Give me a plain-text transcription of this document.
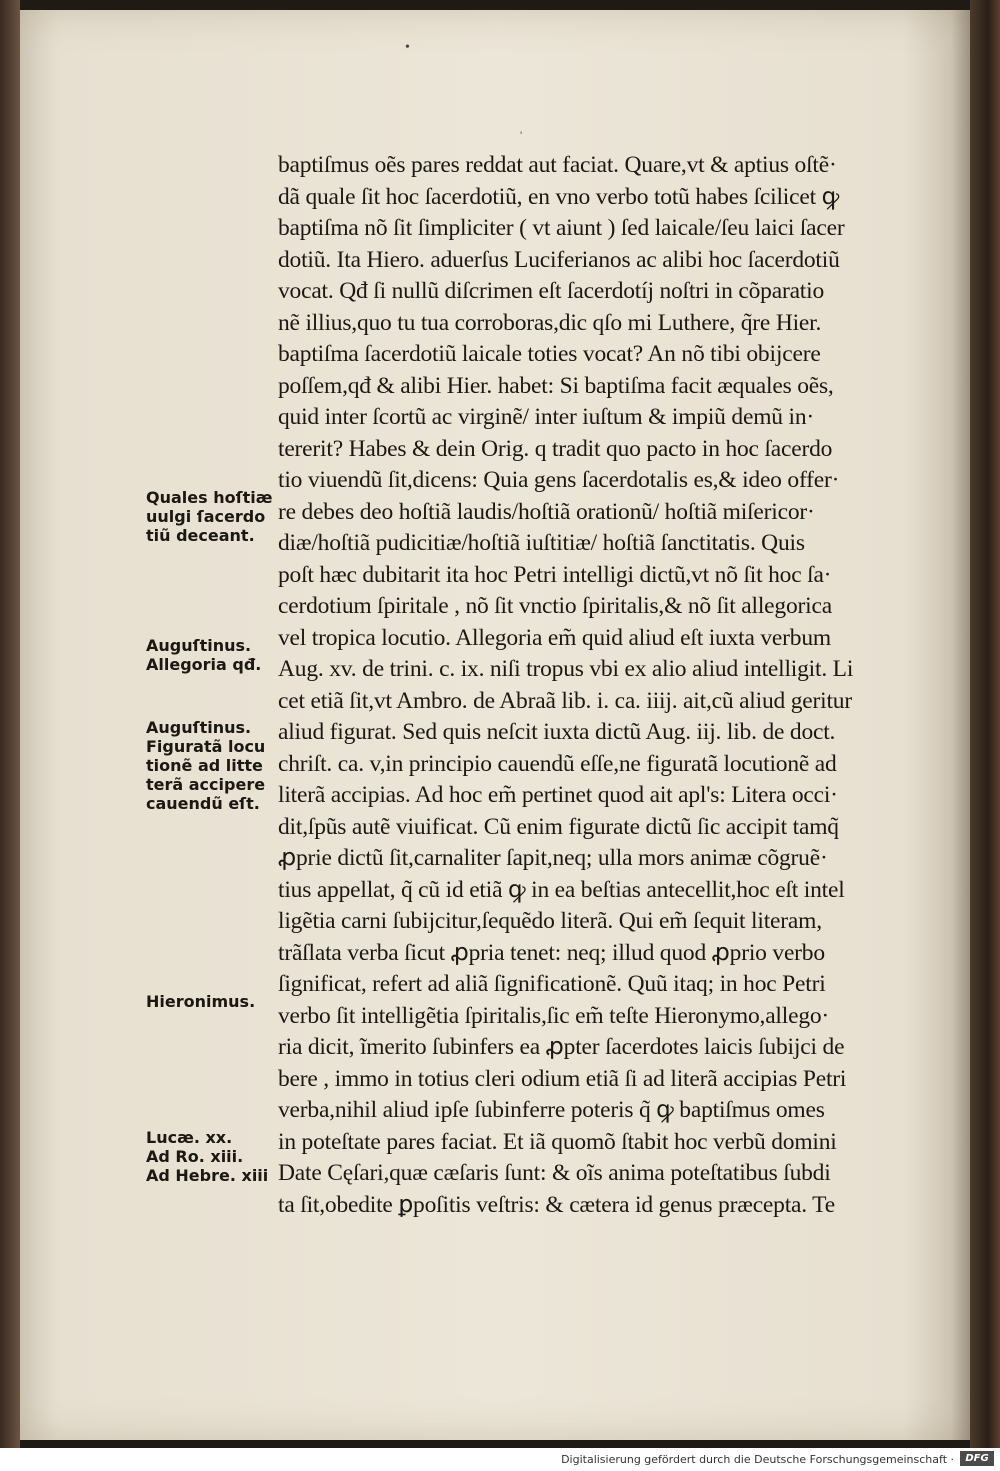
•
'
Quales hoſtiæ
uulgi ſacerdo
tiũ deceant.
Auguſtinus.
Allegoria qđ.
Auguſtinus.
Figuratã locu
tionẽ ad litte
terã accipere
cauendũ eſt.
Hieronimus.
Lucæ. xx.
Ad Ro. xiii.
Ad Hebre. xiii
baptiſmus oẽs pares reddat aut faciat. Quare,vt & aptius oſtẽ·
dã quale ſit hoc ſacerdotiũ, en vno verbo totũ habes ſcilicet ꝙ
baptiſma nõ ſit ſimpliciter ( vt aiunt ) ſed laicale/ſeu laici ſacer
dotiũ. Ita Hiero. aduerſus Luciferianos ac alibi hoc ſacerdotiũ
vocat. Qđ ſi nullũ diſcrimen eſt ſacerdotíj noſtri in cõparatio
nẽ illius,quo tu tua corroboras,dic qſo mi Luthere, q̃re Hier.
baptiſma ſacerdotiũ laicale toties vocat? An nõ tibi obĳcere
poſſem,qđ & alibi Hier. habet: Si baptiſma facit æquales oẽs,
quid inter ſcortũ ac virginẽ/ inter iuſtum & impiũ demũ in·
tererit? Habes & dein Orig. q tradit quo pacto in hoc ſacerdo
tio viuendũ ſit,dicens: Quia gens ſacerdotalis es,& ideo offer·
re debes deo hoſtiã laudis/hoſtiã orationũ/ hoſtiã miſericor·
diæ/hoſtiã pudicitiæ/hoſtiã iuſtitiæ/ hoſtiã ſanctitatis. Quis
poſt hæc dubitarit ita hoc Petri intelligi dictũ,vt nõ ſit hoc ſa·
cerdotium ſpiritale , nõ ſit vnctio ſpiritalis,& nõ ſit allegorica
vel tropica locutio. Allegoria em̃ quid aliud eſt iuxta verbum
Aug. xv. de trini. c. ix. niſi tropus vbi ex alio aliud intelligit. Li
cet etiã ſit,vt Ambro. de Abraã lib. i. ca. iiij. ait,cũ aliud geritur
aliud figurat. Sed quis neſcit iuxta dictũ Aug. iij. lib. de doct.
chriſt. ca. v,in principio cauendũ eſſe,ne figuratã locutionẽ ad
literã accipias. Ad hoc em̃ pertinet quod ait apl's: Litera occi·
dit,ſpũs autẽ viuificat. Cũ enim figurate dictũ ſic accipit tamq̃
ꝓprie dictũ ſit,carnaliter ſapit,neq; ulla mors animæ cõgruẽ·
tius appellat, q̃ cũ id etiã ꝙ in ea beſtias antecellit,hoc eſt intel
ligẽtia carni ſubĳcitur,ſequẽdo literã. Qui em̃ ſequit literam,
trãſlata verba ſicut ꝓpria tenet: neq; illud quod ꝓprio verbo
ſignificat, refert ad aliã ſignificationẽ. Quũ itaq; in hoc Petri
verbo ſit intelligẽtia ſpiritalis,ſic em̃ teſte Hieronymo,allego·
ria dicit, ĩmerito ſubinfers ea ꝓpter ſacerdotes laicis ſubĳci de
bere , immo in totius cleri odium etiã ſi ad literã accipias Petri
verba,nihil aliud ipſe ſubinferre poteris q̃ ꝙ baptiſmus omes
in poteſtate pares faciat. Et iã quomõ ſtabit hoc verbũ domini
Date Cęſari,quæ cæſaris ſunt: & oĩs anima poteſtatibus ſubdi
ta ſit,obedite ꝑpoſitis veſtris: & cætera id genus præcepta. Te
Digitalisierung gefördert durch die Deutsche Forschungsgemeinschaft ·	DFG
